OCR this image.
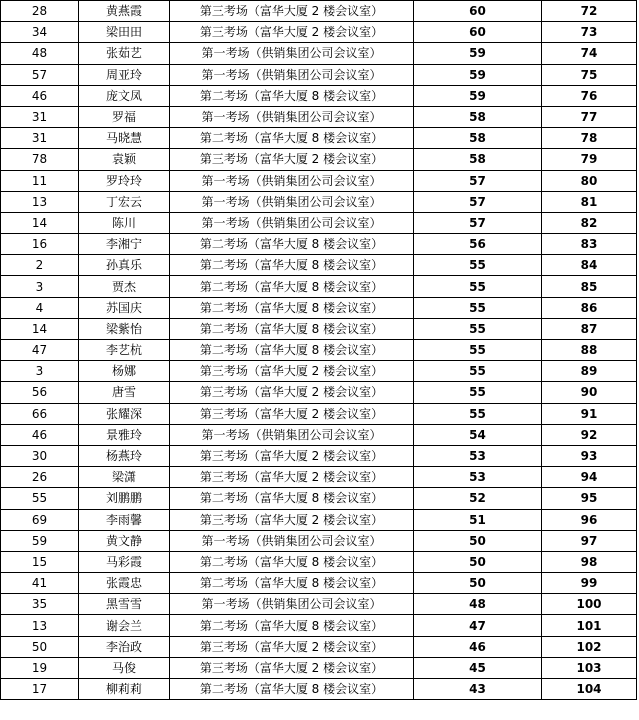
28	黄燕霞	第三考场（富华大厦 2 楼会议室）	60	72
34	梁田田	第三考场（富华大厦 2 楼会议室）	60	73
48	张茹艺	第一考场（供销集团公司会议室）	59	74
57	周亚玲	第一考场（供销集团公司会议室）	59	75
46	庞文凤	第二考场（富华大厦 8 楼会议室）	59	76
31	罗福	第一考场（供销集团公司会议室）	58	77
31	马晓慧	第二考场（富华大厦 8 楼会议室）	58	78
78	袁颖	第三考场（富华大厦 2 楼会议室）	58	79
11	罗玲玲	第一考场（供销集团公司会议室）	57	80
13	丁宏云	第一考场（供销集团公司会议室）	57	81
14	陈川	第一考场（供销集团公司会议室）	57	82
16	李湘宁	第二考场（富华大厦 8 楼会议室）	56	83
2	孙真乐	第二考场（富华大厦 8 楼会议室）	55	84
3	贾杰	第二考场（富华大厦 8 楼会议室）	55	85
4	苏国庆	第二考场（富华大厦 8 楼会议室）	55	86
14	梁紫怡	第二考场（富华大厦 8 楼会议室）	55	87
47	李艺杭	第二考场（富华大厦 8 楼会议室）	55	88
3	杨娜	第三考场（富华大厦 2 楼会议室）	55	89
56	唐雪	第三考场（富华大厦 2 楼会议室）	55	90
66	张耀深	第三考场（富华大厦 2 楼会议室）	55	91
46	景雅玲	第一考场（供销集团公司会议室）	54	92
30	杨燕玲	第三考场（富华大厦 2 楼会议室）	53	93
26	梁潇	第三考场（富华大厦 2 楼会议室）	53	94
55	刘鹏鹏	第二考场（富华大厦 8 楼会议室）	52	95
69	李雨馨	第三考场（富华大厦 2 楼会议室）	51	96
59	黄文静	第一考场（供销集团公司会议室）	50	97
15	马彩霞	第二考场（富华大厦 8 楼会议室）	50	98
41	张霞忠	第二考场（富华大厦 8 楼会议室）	50	99
35	黑雪雪	第一考场（供销集团公司会议室）	48	100
13	谢会兰	第二考场（富华大厦 8 楼会议室）	47	101
50	李治政	第三考场（富华大厦 2 楼会议室）	46	102
19	马俊	第三考场（富华大厦 2 楼会议室）	45	103
17	柳莉莉	第二考场（富华大厦 8 楼会议室）	43	104
